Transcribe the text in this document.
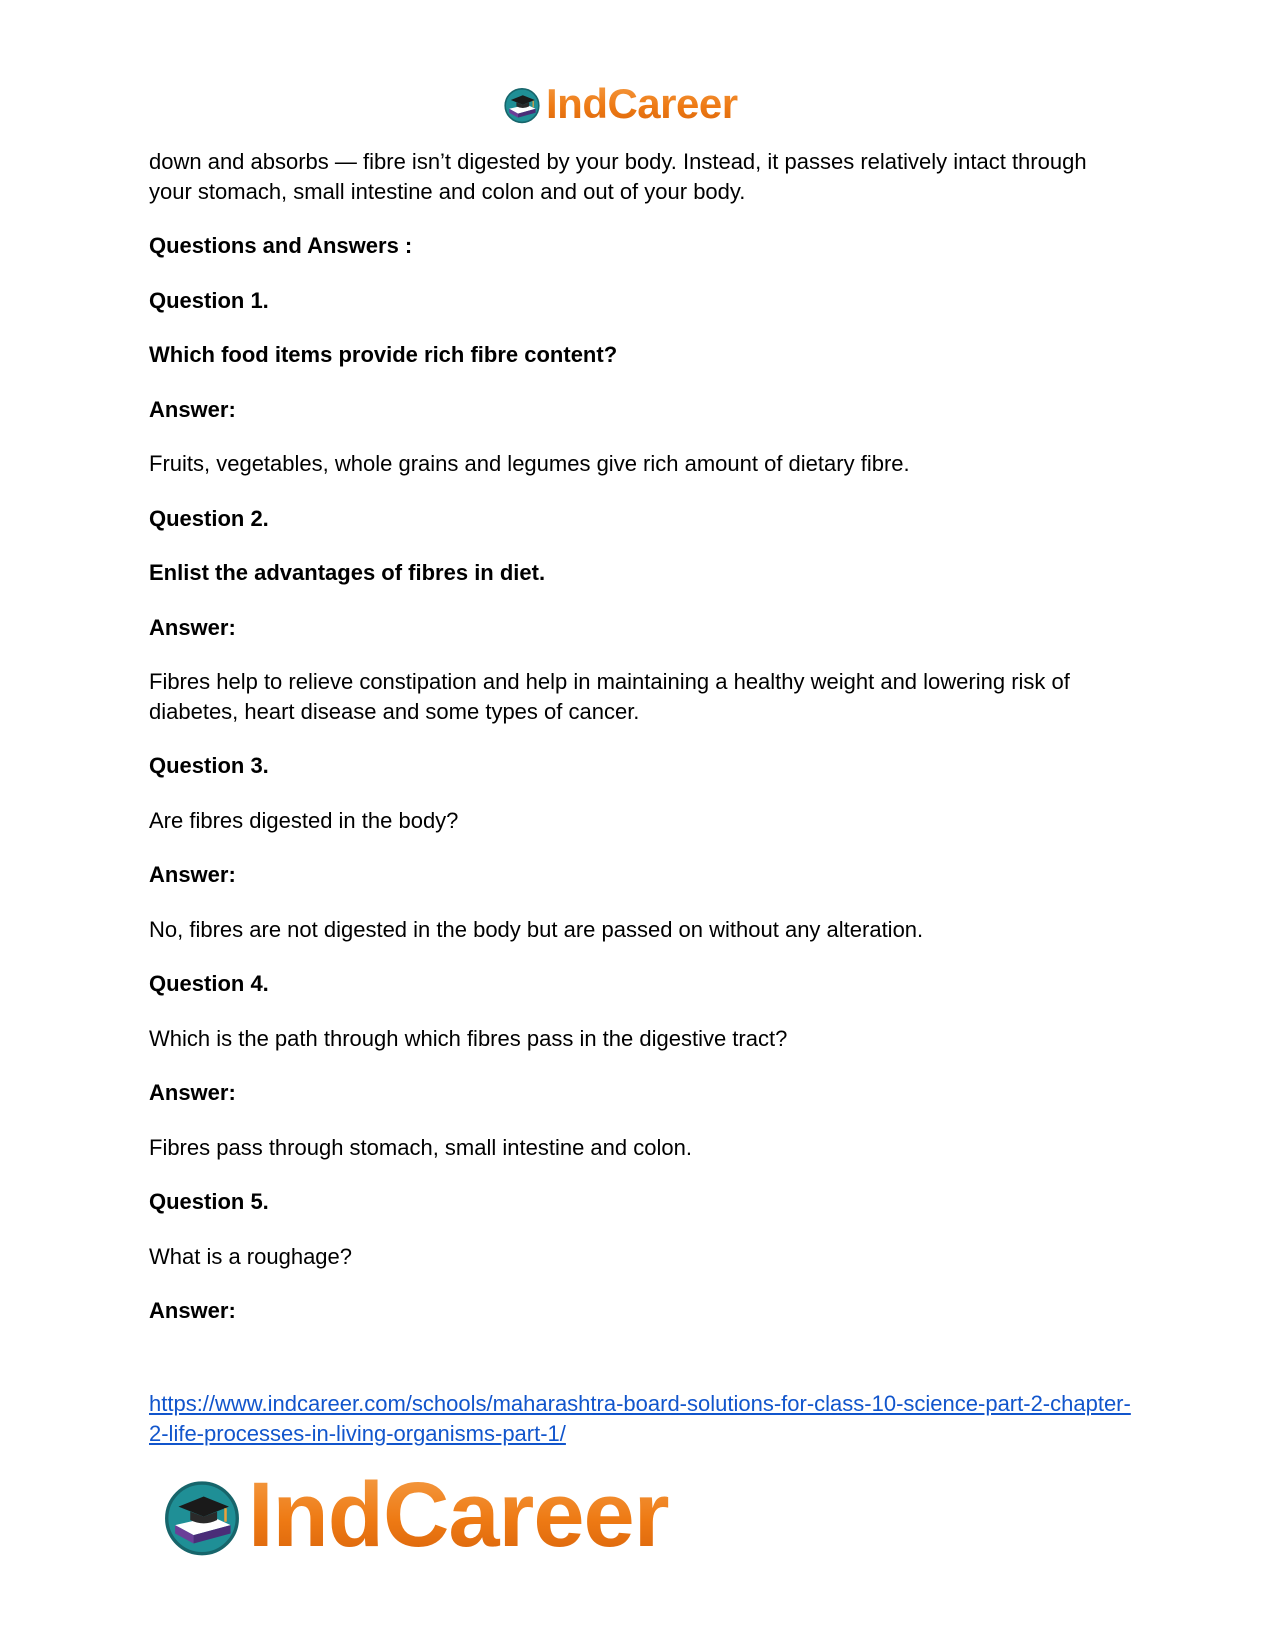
IndCareer

down and absorbs — fibre isn’t digested by your body. Instead, it passes relatively intact through your stomach, small intestine and colon and out of your body.

Questions and Answers :

Question 1.

Which food items provide rich fibre content?

Answer:

Fruits, vegetables, whole grains and legumes give rich amount of dietary fibre.

Question 2.

Enlist the advantages of fibres in diet.

Answer:

Fibres help to relieve constipation and help in maintaining a healthy weight and lowering risk of diabetes, heart disease and some types of cancer.

Question 3.

Are fibres digested in the body?

Answer:

No, fibres are not digested in the body but are passed on without any alteration.

Question 4.

Which is the path through which fibres pass in the digestive tract?

Answer:

Fibres pass through stomach, small intestine and colon.

Question 5.

What is a roughage?

Answer:

https://www.indcareer.com/schools/maharashtra-board-solutions-for-class-10-science-part-2-chapter-2-life-processes-in-living-organisms-part-1/
IndCareer
